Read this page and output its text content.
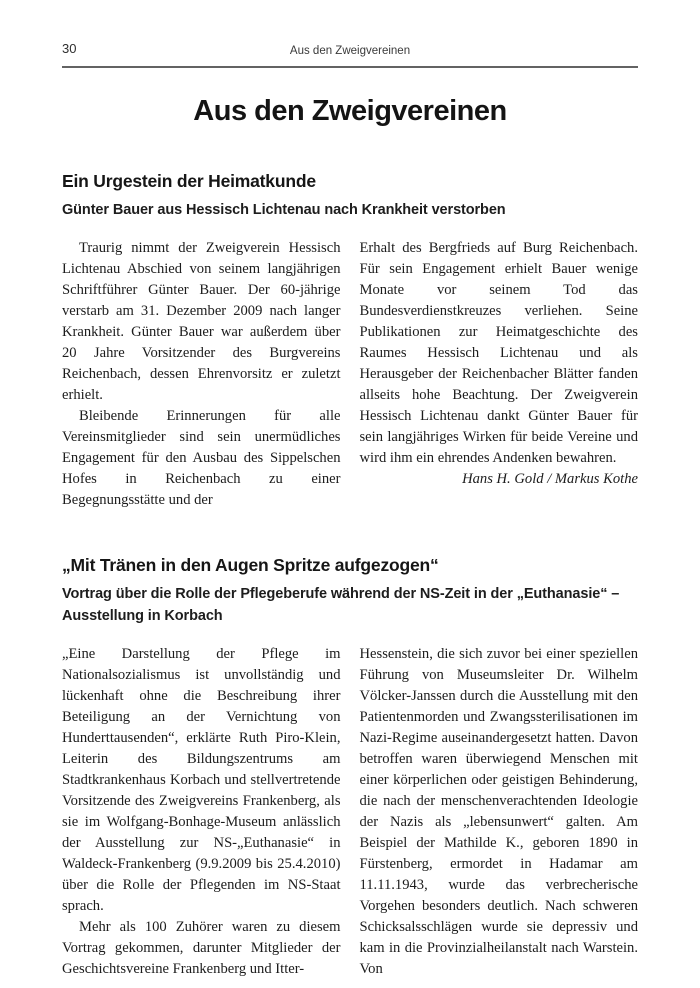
30	Aus den Zweigvereinen
Aus den Zweigvereinen
Ein Urgestein der Heimatkunde
Günter Bauer aus Hessisch Lichtenau nach Krankheit verstorben

Traurig nimmt der Zweigverein Hessisch Lichtenau Abschied von seinem langjährigen Schriftführer Günter Bauer. Der 60-jährige verstarb am 31. Dezember 2009 nach langer Krankheit. Günter Bauer war außerdem über 20 Jahre Vorsitzender des Burgvereins Reichenbach, dessen Ehrenvorsitz er zuletzt erhielt.

Bleibende Erinnerungen für alle Vereinsmitglieder sind sein unermüdliches Engagement für den Ausbau des Sippelschen Hofes in Reichenbach zu einer Begegnungsstätte und der

Erhalt des Bergfrieds auf Burg Reichenbach. Für sein Engagement erhielt Bauer wenige Monate vor seinem Tod das Bundesverdienstkreuzes verliehen. Seine Publikationen zur Heimatgeschichte des Raumes Hessisch Lichtenau und als Herausgeber der Reichenbacher Blätter fanden allseits hohe Beachtung. Der Zweigverein Hessisch Lichtenau dankt Günter Bauer für sein langjähriges Wirken für beide Vereine und wird ihm ein ehrendes Andenken bewahren.

Hans H. Gold / Markus Kothe

„Mit Tränen in den Augen Spritze aufgezogen“
Vortrag über die Rolle der Pflegeberufe während der NS-Zeit in der „Euthanasie“ – Ausstellung in Korbach

„Eine Darstellung der Pflege im Nationalsozialismus ist unvollständig und lückenhaft ohne die Beschreibung ihrer Beteiligung an der Vernichtung von Hunderttausenden“, erklärte Ruth Piro-Klein, Leiterin des Bildungszentrums am Stadtkrankenhaus Korbach und stellvertretende Vorsitzende des Zweigvereins Frankenberg, als sie im Wolfgang-Bonhage-Museum anlässlich der Ausstellung zur NS-„Euthanasie“ in Waldeck-Frankenberg (9.9.2009 bis 25.4.2010) über die Rolle der Pflegenden im NS-Staat sprach.

Mehr als 100 Zuhörer waren zu diesem Vortrag gekommen, darunter Mitglieder der Geschichtsvereine Frankenberg und Itter-

Hessenstein, die sich zuvor bei einer speziellen Führung von Museumsleiter Dr. Wilhelm Völcker-Janssen durch die Ausstellung mit den Patientenmorden und Zwangssterilisationen im Nazi-Regime auseinandergesetzt hatten. Davon betroffen waren überwiegend Menschen mit einer körperlichen oder geistigen Behinderung, die nach der menschenverachtenden Ideologie der Nazis als „lebensunwert“ galten. Am Beispiel der Mathilde K., geboren 1890 in Fürstenberg, ermordet in Hadamar am 11.11.1943, wurde das verbrecherische Vorgehen besonders deutlich. Nach schweren Schicksalsschlägen wurde sie depressiv und kam in die Provinzialheilanstalt nach Warstein. Von
